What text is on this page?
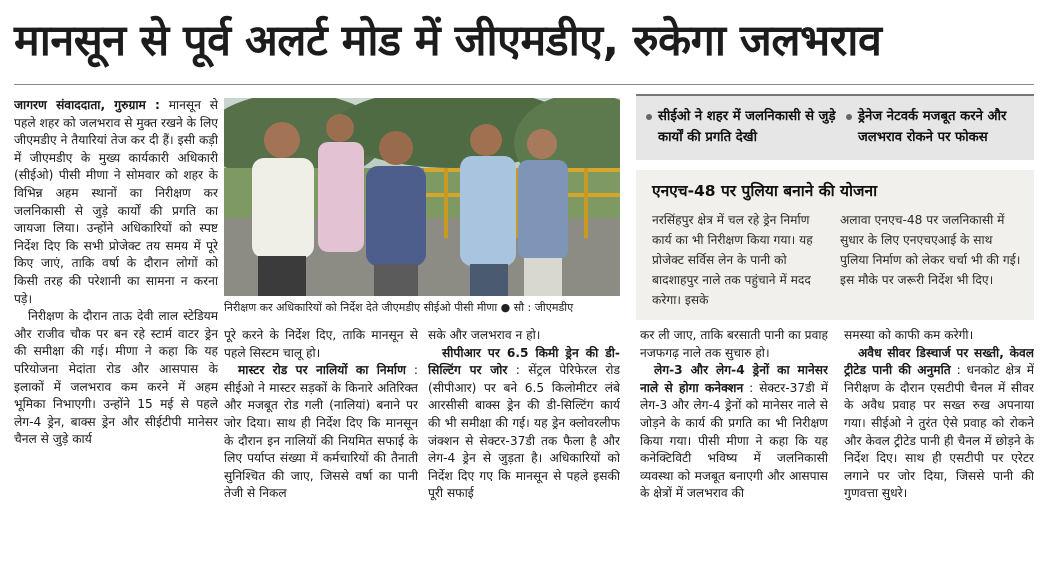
मानसून से पूर्व अलर्ट मोड में जीएमडीए, रुकेगा जलभराव

जागरण संवाददाता, गुरुग्राम : मानसून से पहले शहर को जलभराव से मुक्त रखने के लिए जीएमडीए ने तैयारियां तेज कर दी हैं। इसी कड़ी में जीएमडीए के मुख्य कार्यकारी अधिकारी (सीईओ) पीसी मीणा ने सोमवार को शहर के विभिन्न अहम स्थानों का निरीक्षण कर जलनिकासी से जुड़े कार्यों की प्रगति का जायजा लिया। उन्होंने अधिकारियों को स्पष्ट निर्देश दिए कि सभी प्रोजेक्ट तय समय में पूरे किए जाएं, ताकि वर्षा के दौरान लोगों को किसी तरह की परेशानी का सामना न करना पड़े।

निरीक्षण के दौरान ताऊ देवी लाल स्टेडियम और राजीव चौक पर बन रहे स्टार्म वाटर ड्रेन की समीक्षा की गई। मीणा ने कहा कि यह परियोजना मेदांता रोड और आसपास के इलाकों में जलभराव कम करने में अहम भूमिका निभाएगी। उन्होंने 15 मई से पहले लेग-4 ड्रेन, बाक्स ड्रेन और सीईटीपी मानेसर चैनल से जुड़े कार्य

निरीक्षण कर अधिकारियों को निर्देश देते जीएमडीए सीईओ पीसी मीणा ● सौ : जीएमडीए
सीईओ ने शहर में जलनिकासी से जुड़े कार्यों की प्रगति देखी
ड्रेनेज नेटवर्क मजबूत करने और जलभराव रोकने पर फोकस
एनएच-48 पर पुलिया बनाने की योजना
नरसिंहपुर क्षेत्र में चल रहे ड्रेन निर्माण कार्य का भी निरीक्षण किया गया। यह प्रोजेक्ट सर्विस लेन के पानी को बादशाहपुर नाले तक पहुंचाने में मदद करेगा। इसके
अलावा एनएच-48 पर जलनिकासी में सुधार के लिए एनएचएआई के साथ पुलिया निर्माण को लेकर चर्चा भी की गई। इस मौके पर जरूरी निर्देश भी दिए।

पूरे करने के निर्देश दिए, ताकि मानसून से पहले सिस्टम चालू हो।

मास्टर रोड पर नालियों का निर्माण : सीईओ ने मास्टर सड़कों के किनारे अतिरिक्त और मजबूत रोड गली (नालियां) बनाने पर जोर दिया। साथ ही निर्देश दिए कि मानसून के दौरान इन नालियों की नियमित सफाई के लिए पर्याप्त संख्या में कर्मचारियों की तैनाती सुनिश्चित की जाए, जिससे वर्षा का पानी तेजी से निकल

सके और जलभराव न हो।

सीपीआर पर 6.5 किमी ड्रेन की डी-सिल्टिंग पर जोर : सेंट्रल पेरिफेरल रोड (सीपीआर) पर बने 6.5 किलोमीटर लंबे आरसीसी बाक्स ड्रेन की डी-सिल्टिंग कार्य की भी समीक्षा की गई। यह ड्रेन क्लोवरलीफ जंक्शन से सेक्टर-37डी तक फैला है और लेग-4 ड्रेन से जुड़ता है। अधिकारियों को निर्देश दिए गए कि मानसून से पहले इसकी पूरी सफाई

कर ली जाए, ताकि बरसाती पानी का प्रवाह नजफगढ़ नाले तक सुचारु हो।

लेग-3 और लेग-4 ड्रेनों का मानेसर नाले से होगा कनेक्शन : सेक्टर-37डी में लेग-3 और लेग-4 ड्रेनों को मानेसर नाले से जोड़ने के कार्य की प्रगति का भी निरीक्षण किया गया। पीसी मीणा ने कहा कि यह कनेक्टिविटी भविष्य में जलनिकासी व्यवस्था को मजबूत बनाएगी और आसपास के क्षेत्रों में जलभराव की

समस्या को काफी कम करेगी।

अवैध सीवर डिस्चार्ज पर सख्ती, केवल ट्रीटेड पानी की अनुमति : धनकोट क्षेत्र में निरीक्षण के दौरान एसटीपी चैनल में सीवर के अवैध प्रवाह पर सख्त रुख अपनाया गया। सीईओ ने तुरंत ऐसे प्रवाह को रोकने और केवल ट्रीटेड पानी ही चैनल में छोड़ने के निर्देश दिए। साथ ही एसटीपी पर एरेटर लगाने पर जोर दिया, जिससे पानी की गुणवत्ता सुधरे।
